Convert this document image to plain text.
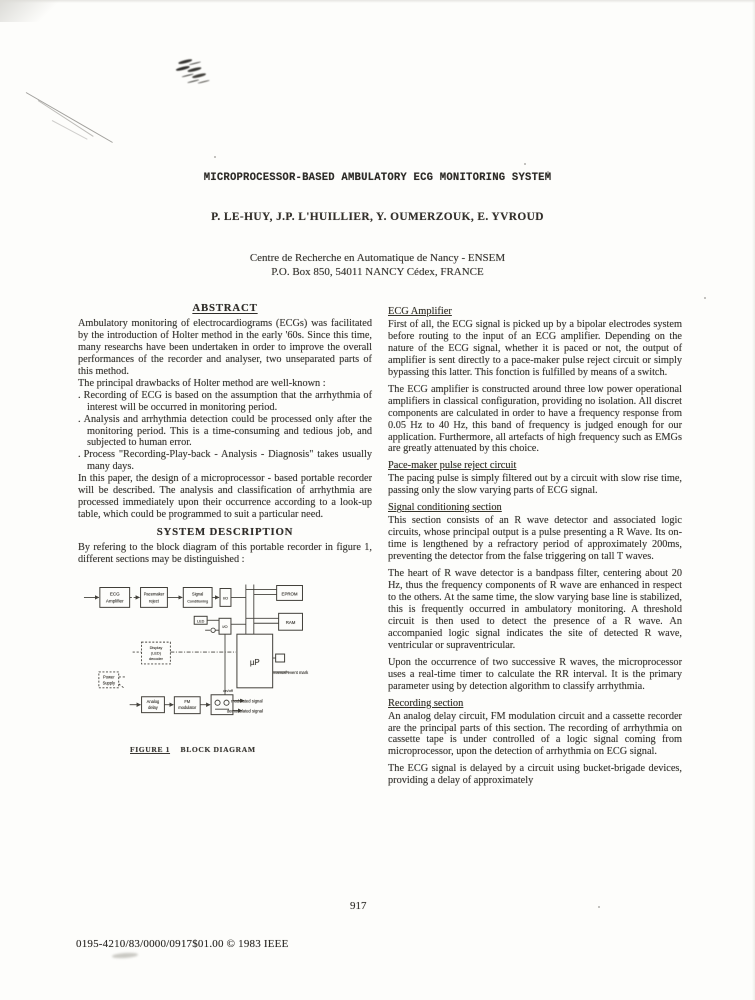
MICROPROCESSOR-BASED AMBULATORY ECG MONITORING SYSTEM
P. LE-HUY, J.P. L'HUILLIER, Y. OUMERZOUK, E. YVROUD
Centre de Recherche en Automatique de Nancy - ENSEM
P.O. Box 850, 54011 NANCY Cédex, FRANCE
ABSTRACT

Ambulatory monitoring of electrocardiograms (ECGs) was facilitated by the introduction of Holter method in the early '60s. Since this time, many researchs have been undertaken in order to improve the overall performances of the recorder and analyser, two unseparated parts of this method.

The principal drawbacks of Holter method are well-known :

. Recording of ECG is based on the assumption that the arrhythmia of interest will be occurred in monitoring period.

. Analysis and arrhythmia detection could be processed only after the monitoring period. This is a time-consuming and tedious job, and subjected to human error.

. Process "Recording-Play-back - Analysis - Diagnosis" takes usually many days.

In this paper, the design of a microprocessor - based portable recorder will be described. The analysis and classification of arrhythmia are processed immediately upon their occurrence according to a look-up table, which could be programmed to suit a particular need.

SYSTEM DESCRIPTION

By refering to the block diagram of this portable recorder in figure 1, different sections may be distinguished :

ECG
Amplifier
Pacemaker
reject
Signal
Conditioning
I/O
EPROM
RAM
LED
I/O
µP
manual event mark
Display
(LED)
decoder
Power
Supply
Analog
delay
FM
modulator
on/off
modulated signal
demodulated signal
FIGURE 1 BLOCK DIAGRAM
ECG Amplifier

First of all, the ECG signal is picked up by a bipolar electrodes system before routing to the input of an ECG amplifier. Depending on the nature of the ECG signal, whether it is paced or not, the output of amplifier is sent directly to a pace-maker pulse reject circuit or simply bypassing this latter. This fonction is fulfilled by means of a switch.

The ECG amplifier is constructed around three low power operational amplifiers in classical configuration, providing no isolation. All discret components are calculated in order to have a frequency response from 0.05 Hz to 40 Hz, this band of frequency is judged enough for our application. Furthermore, all artefacts of high frequency such as EMGs are greatly attenuated by this choice.

Pace-maker pulse reject circuit

The pacing pulse is simply filtered out by a circuit with slow rise time, passing only the slow varying parts of ECG signal.

Signal conditioning section

This section consists of an R wave detector and associated logic circuits, whose principal output is a pulse presenting a R Wave. Its on-time is lengthened by a refractory period of approximately 200ms, preventing the detector from the false triggering on tall T waves.

The heart of R wave detector is a bandpass filter, centering about 20 Hz, thus the frequency components of R wave are enhanced in respect to the others. At the same time, the slow varying base line is stabilized, this is frequently occurred in ambulatory monitoring. A threshold circuit is then used to detect the presence of a R wave. An accompanied logic signal indicates the site of detected R wave, ventricular or supraventricular.

Upon the occurrence of two successive R waves, the microprocessor uses a real-time timer to calculate the RR interval. It is the primary parameter using by detection algorithm to classify arrhythmia.

Recording section

An analog delay circuit, FM modulation circuit and a cassette recorder are the principal parts of this section. The recording of arrhythmia on cassette tape is under controlled of a logic signal coming from microprocessor, upon the detection of arrhythmia on ECG signal.

The ECG signal is delayed by a circuit using bucket-brigade devices, providing a delay of approximately

917
0195-4210/83/0000/0917$01.00 © 1983 IEEE
